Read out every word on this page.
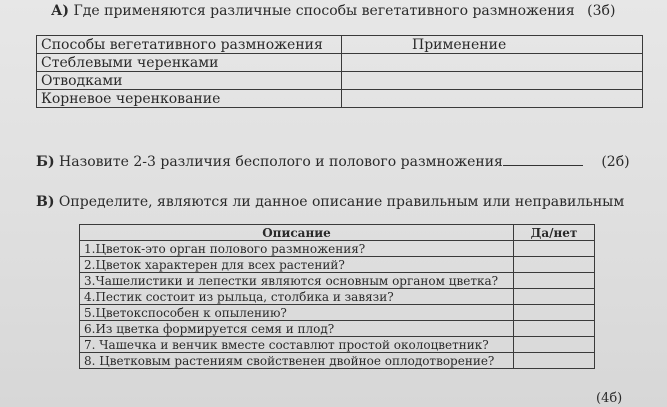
А) Где применяются различные способы вегетативного размножения (3б)
Способы вегетативного размножения	Применение
Стеблевыми черенками	
Отводками	
Корневое черенкование	
Б) Назовите 2-3 различия бесполого и полового размножения	(2б)
В) Определите, являются ли данное описание правильным или неправильным
Описание	Да/нет
1.Цветок-это орган полового размножения?	
2.Цветок характерен для всех растений?	
3.Чашелистики и лепестки являются основным органом цветка?	
4.Пестик состоит из рыльца, столбика и завязи?	
5.Цветокспособен к опылению?	
6.Из цветка формируется семя и плод?	
7. Чашечка и венчик вместе составлют простой околоцветник?	
8. Цветковым растениям свойственен двойное оплодотворение?	
(4б)
